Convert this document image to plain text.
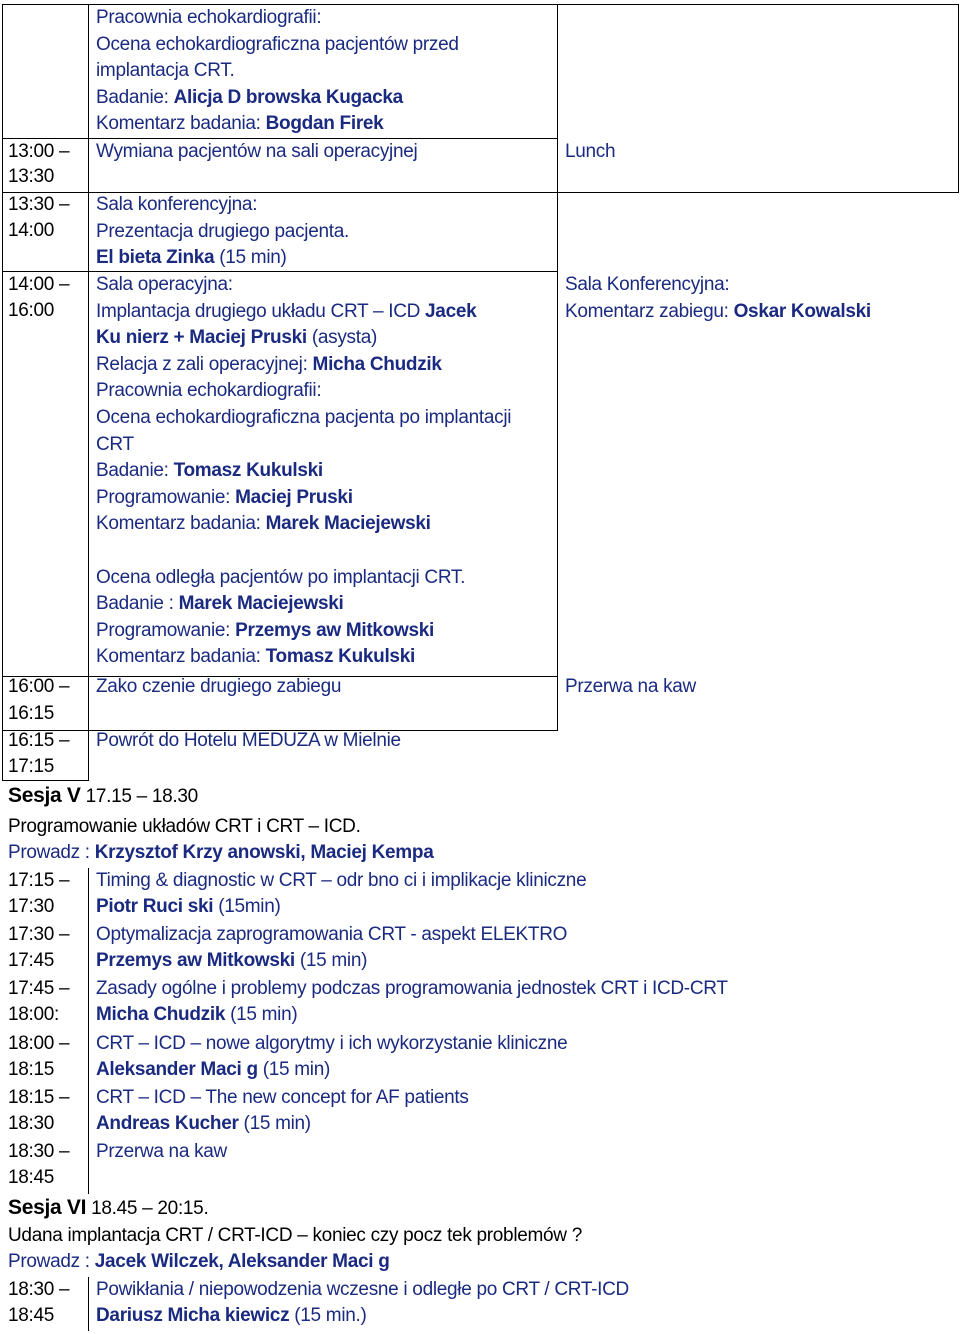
Pracownia echokardiografii:
Ocena echokardiograficzna pacjentów przed
implantacja CRT.
Badanie: Alicja D browska Kugacka
Komentarz badania: Bogdan Firek
13:00 –
13:30
Wymiana pacjentów na sali operacyjnej	Lunch
13:30 –
14:00
Sala konferencyjna:
Prezentacja drugiego pacjenta.
El bieta Zinka (15 min)
14:00 –
16:00
Sala operacyjna:
Implantacja drugiego układu CRT – ICD Jacek
Ku nierz + Maciej Pruski (asysta)
Relacja z zali operacyjnej: Micha Chudzik
Pracownia echokardiografii:
Ocena echokardiograficzna pacjenta po implantacji
CRT
Badanie: Tomasz Kukulski
Programowanie: Maciej Pruski
Komentarz badania: Marek Maciejewski
Ocena odległa pacjentów po implantacji CRT.
Badanie : Marek Maciejewski
Programowanie: Przemys aw Mitkowski
Komentarz badania: Tomasz Kukulski
Sala Konferencyjna:
Komentarz zabiegu: Oskar Kowalski
16:00 –
16:15
Zako czenie drugiego zabiegu	Przerwa na kaw
16:15 –
17:15
Powrót do Hotelu MEDUZA w Mielnie
Sesja V 17.15 – 18.30
Programowanie układów CRT i CRT – ICD.
Prowadz : Krzysztof Krzy anowski, Maciej Kempa
17:15 –
17:30
Timing & diagnostic w CRT – odr bno ci i implikacje kliniczne
Piotr Ruci ski (15min)
17:30 –
17:45
Optymalizacja zaprogramowania CRT - aspekt ELEKTRO
Przemys aw Mitkowski (15 min)
17:45 –
18:00:
Zasady ogólne i problemy podczas programowania jednostek CRT i ICD-CRT
Micha Chudzik (15 min)
18:00 –
18:15
CRT – ICD – nowe algorytmy i ich wykorzystanie kliniczne
Aleksander Maci g (15 min)
18:15 –
18:30
CRT – ICD – The new concept for AF patients
Andreas Kucher (15 min)
18:30 –
18:45
Przerwa na kaw
Sesja VI 18.45 – 20:15.
Udana implantacja CRT / CRT-ICD – koniec czy pocz tek problemów ?
Prowadz : Jacek Wilczek, Aleksander Maci g
18:30 –
18:45
Powikłania / niepowodzenia wczesne i odległe po CRT / CRT-ICD
Dariusz Micha kiewicz (15 min.)
